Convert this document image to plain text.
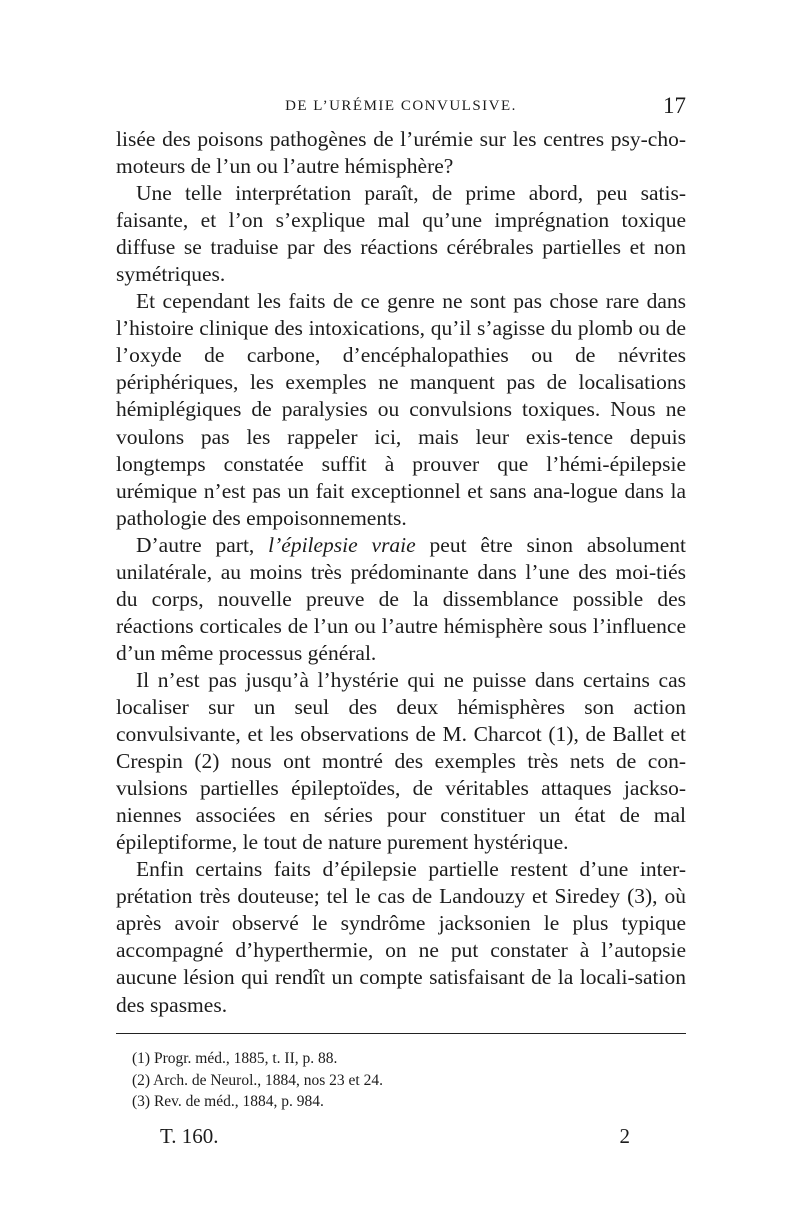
DE L’URÉMIE CONVULSIVE.	17

lisée des poisons pathogènes de l’urémie sur les centres psy-cho-moteurs de l’un ou l’autre hémisphère?

Une telle interprétation paraît, de prime abord, peu satis-faisante, et l’on s’explique mal qu’une imprégnation toxique diffuse se traduise par des réactions cérébrales partielles et non symétriques.

Et cependant les faits de ce genre ne sont pas chose rare dans l’histoire clinique des intoxications, qu’il s’agisse du plomb ou de l’oxyde de carbone, d’encéphalopathies ou de névrites périphériques, les exemples ne manquent pas de localisations hémiplégiques de paralysies ou convulsions toxiques. Nous ne voulons pas les rappeler ici, mais leur exis-tence depuis longtemps constatée suffit à prouver que l’hémi-épilepsie urémique n’est pas un fait exceptionnel et sans ana-logue dans la pathologie des empoisonnements.

D’autre part, l’épilepsie vraie peut être sinon absolument unilatérale, au moins très prédominante dans l’une des moi-tiés du corps, nouvelle preuve de la dissemblance possible des réactions corticales de l’un ou l’autre hémisphère sous l’influence d’un même processus général.

Il n’est pas jusqu’à l’hystérie qui ne puisse dans certains cas localiser sur un seul des deux hémisphères son action convulsivante, et les observations de M. Charcot (1), de Ballet et Crespin (2) nous ont montré des exemples très nets de con-vulsions partielles épileptoïdes, de véritables attaques jackso-niennes associées en séries pour constituer un état de mal épileptiforme, le tout de nature purement hystérique.

Enfin certains faits d’épilepsie partielle restent d’une inter-prétation très douteuse; tel le cas de Landouzy et Siredey (3), où après avoir observé le syndrôme jacksonien le plus typique accompagné d’hyperthermie, on ne put constater à l’autopsie aucune lésion qui rendît un compte satisfaisant de la locali-sation des spasmes.

(1) Progr. méd., 1885, t. II, p. 88.
(2) Arch. de Neurol., 1884, nos 23 et 24.
(3) Rev. de méd., 1884, p. 984.
T. 160.	2
